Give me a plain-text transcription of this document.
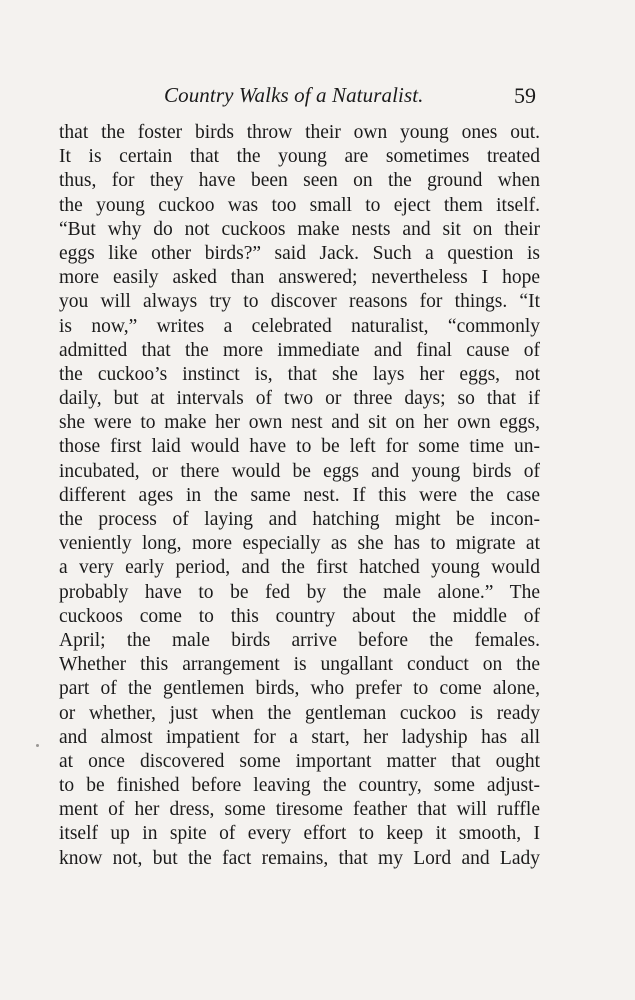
Country Walks of a Naturalist.	59
that the foster birds throw their own young ones out.
It is certain that the young are sometimes treated
thus, for they have been seen on the ground when
the young cuckoo was too small to eject them itself.
“But why do not cuckoos make nests and sit on their
eggs like other birds?” said Jack. Such a question is
more easily asked than answered; nevertheless I hope
you will always try to discover reasons for things. “It
is now,” writes a celebrated naturalist, “commonly
admitted that the more immediate and final cause of
the cuckoo’s instinct is, that she lays her eggs, not
daily, but at intervals of two or three days; so that if
she were to make her own nest and sit on her own eggs,
those first laid would have to be left for some time un-
incubated, or there would be eggs and young birds of
different ages in the same nest. If this were the case
the process of laying and hatching might be incon-
veniently long, more especially as she has to migrate at
a very early period, and the first hatched young would
probably have to be fed by the male alone.” The
cuckoos come to this country about the middle of
April; the male birds arrive before the females.
Whether this arrangement is ungallant conduct on the
part of the gentlemen birds, who prefer to come alone,
or whether, just when the gentleman cuckoo is ready
and almost impatient for a start, her ladyship has all
at once discovered some important matter that ought
to be finished before leaving the country, some adjust-
ment of her dress, some tiresome feather that will ruffle
itself up in spite of every effort to keep it smooth, I
know not, but the fact remains, that my Lord and Lady
